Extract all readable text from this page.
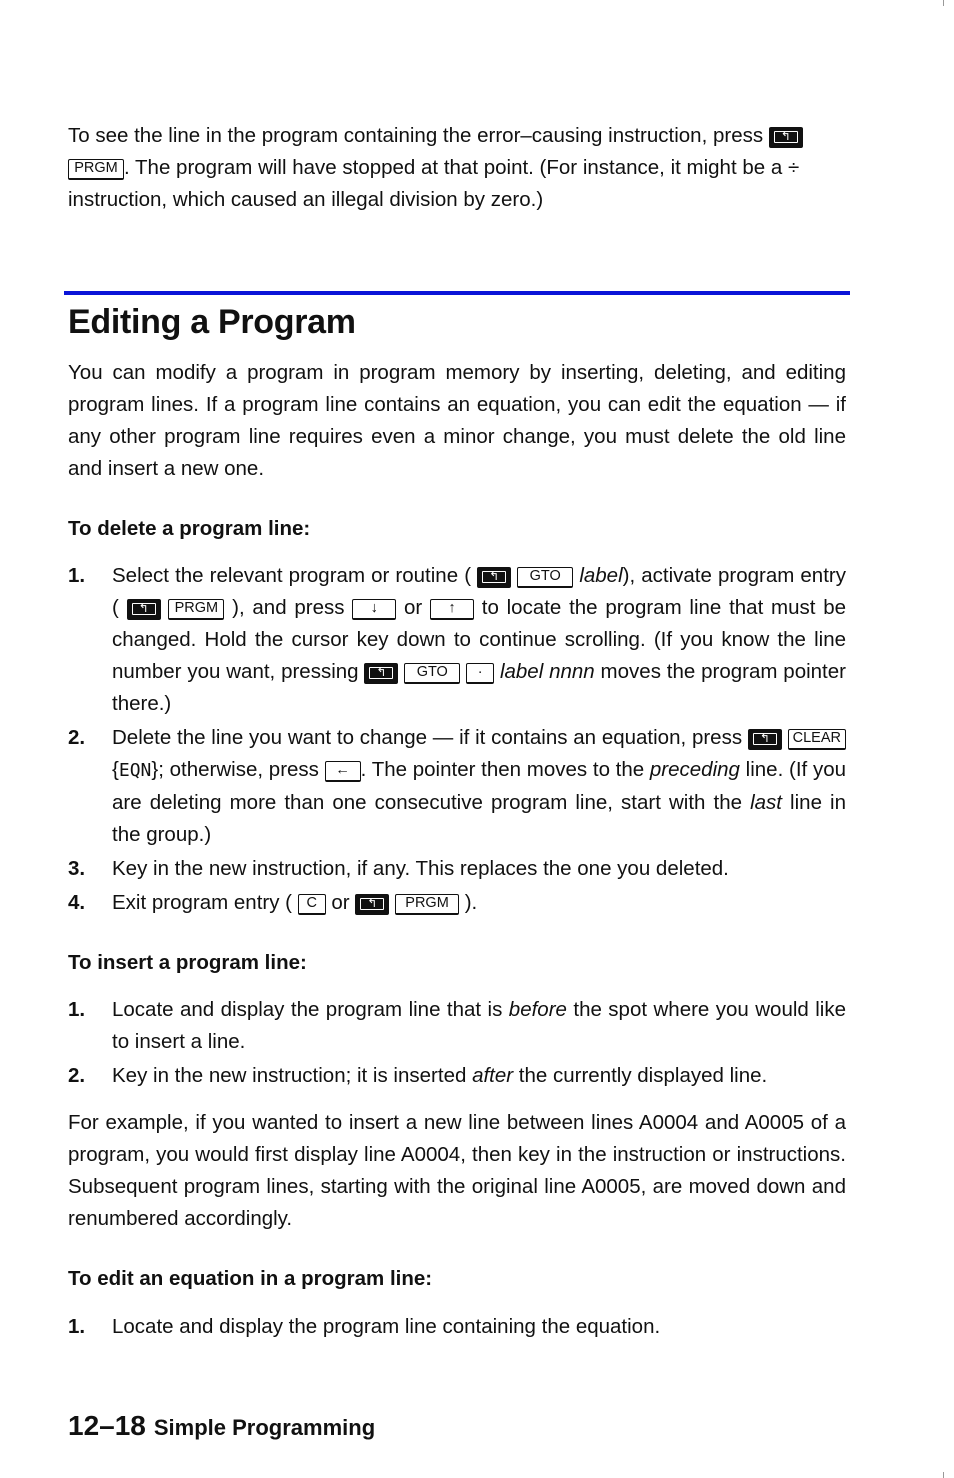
To see the line in the program containing the error–causing instruction, press ↰
PRGM . The program will have stopped at that point. (For instance, it might be a ÷
instruction, which caused an illegal division by zero.)

Editing a Program

You can modify a program in program memory by inserting, deleting, and editing program lines. If a program line contains an equation, you can edit the equation — if any other program line requires even a minor change, you must delete the old line and insert a new one.

To delete a program line:
1. Select the relevant program or routine ( ↰ GTO label), activate program entry ( ↰ PRGM ), and press ↓ or ↑ to locate the program line that must be changed. Hold the cursor key down to continue scrolling. (If you know the line number you want, pressing ↰ GTO · label nnnn moves the program pointer there.)
2. Delete the line you want to change — if it contains an equation, press ↰ CLEAR {EQN}; otherwise, press ← . The pointer then moves to the preceding line. (If you are deleting more than one consecutive program line, start with the last line in the group.)
3. Key in the new instruction, if any. This replaces the one you deleted.
4. Exit program entry ( C or ↰ PRGM ).
To insert a program line:
1. Locate and display the program line that is before the spot where you would like to insert a line.
2. Key in the new instruction; it is inserted after the currently displayed line.

For example, if you wanted to insert a new line between lines A0004 and A0005 of a program, you would first display line A0004, then key in the instruction or instructions. Subsequent program lines, starting with the original line A0005, are moved down and renumbered accordingly.

To edit an equation in a program line:
1. Locate and display the program line containing the equation.
12–18 Simple Programming
